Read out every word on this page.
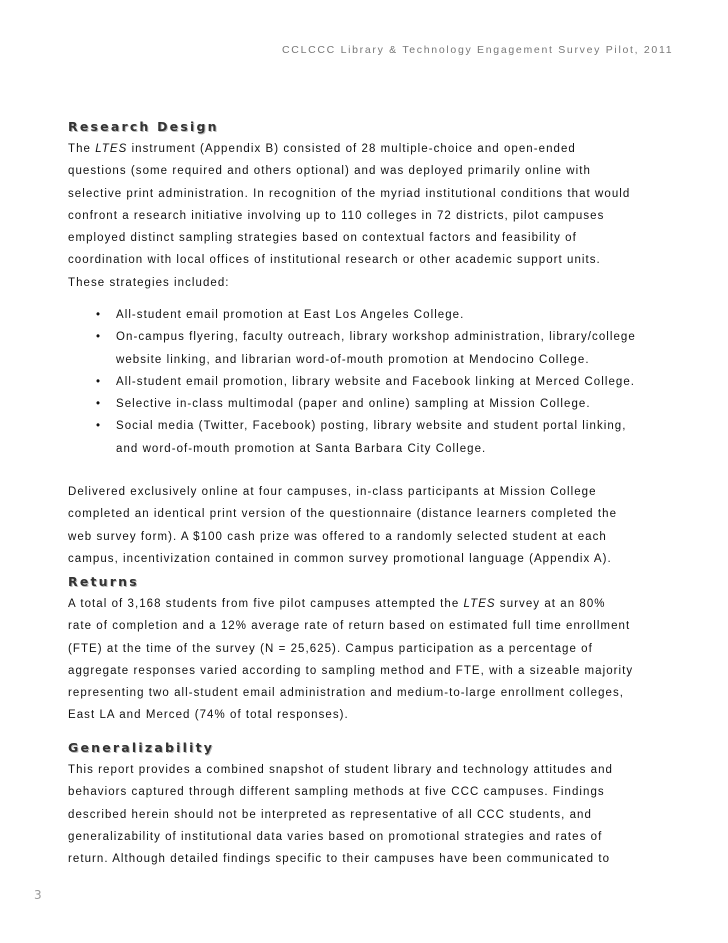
CCLCCC Library & Technology Engagement Survey Pilot, 2011
Research Design
The LTES instrument (Appendix B) consisted of 28 multiple-choice and open-ended
questions (some required and others optional) and was deployed primarily online with
selective print administration. In recognition of the myriad institutional conditions that would
confront a research initiative involving up to 110 colleges in 72 districts, pilot campuses
employed distinct sampling strategies based on contextual factors and feasibility of
coordination with local offices of institutional research or other academic support units.
These strategies included:
• All-student email promotion at East Los Angeles College.
• On-campus flyering, faculty outreach, library workshop administration, library/college
website linking, and librarian word-of-mouth promotion at Mendocino College.
• All-student email promotion, library website and Facebook linking at Merced College.
• Selective in-class multimodal (paper and online) sampling at Mission College.
• Social media (Twitter, Facebook) posting, library website and student portal linking,
and word-of-mouth promotion at Santa Barbara City College.
Delivered exclusively online at four campuses, in-class participants at Mission College
completed an identical print version of the questionnaire (distance learners completed the
web survey form). A $100 cash prize was offered to a randomly selected student at each
campus, incentivization contained in common survey promotional language (Appendix A).
Returns
A total of 3,168 students from five pilot campuses attempted the LTES survey at an 80%
rate of completion and a 12% average rate of return based on estimated full time enrollment
(FTE) at the time of the survey (N = 25,625). Campus participation as a percentage of
aggregate responses varied according to sampling method and FTE, with a sizeable majority
representing two all-student email administration and medium-to-large enrollment colleges,
East LA and Merced (74% of total responses).
Generalizability
This report provides a combined snapshot of student library and technology attitudes and
behaviors captured through different sampling methods at five CCC campuses. Findings
described herein should not be interpreted as representative of all CCC students, and
generalizability of institutional data varies based on promotional strategies and rates of
return. Although detailed findings specific to their campuses have been communicated to
3
